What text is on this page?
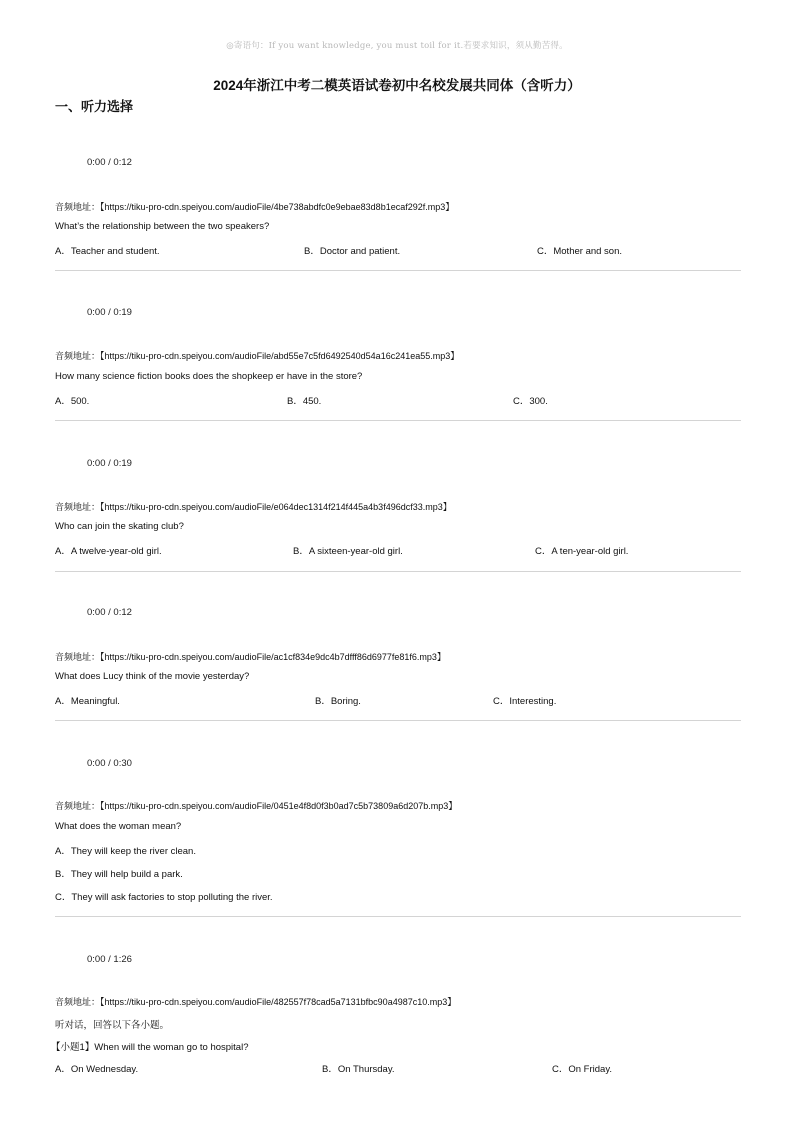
◎寄语句：If you want knowledge, you must toil for it.若要求知识，须从勤苦得。
2024年浙江中考二模英语试卷初中名校发展共同体（含听力）
一、听力选择
0:00 / 0:12
音频地址：【https://tiku-pro-cdn.speiyou.com/audioFile/4be738abdfc0e9ebae83d8b1ecaf292f.mp3】
What’s the relationship between the two speakers?
A．Teacher and student.	B．Doctor and patient.	C．Mother and son.
0:00 / 0:19
音频地址：【https://tiku-pro-cdn.speiyou.com/audioFile/abd55e7c5fd6492540d54a16c241ea55.mp3】
How many science fiction books does the shopkeep er have in the store?
A．500.	B．450.	C．300.
0:00 / 0:19
音频地址：【https://tiku-pro-cdn.speiyou.com/audioFile/e064dec1314f214f445a4b3f496dcf33.mp3】
Who can join the skating club?
A．A twelve-year-old girl.	B．A sixteen-year-old girl.	C．A ten-year-old girl.
0:00 / 0:12
音频地址：【https://tiku-pro-cdn.speiyou.com/audioFile/ac1cf834e9dc4b7dfff86d6977fe81f6.mp3】
What does Lucy think of the movie yesterday?
A．Meaningful.	B．Boring.	C．Interesting.
0:00 / 0:30
音频地址：【https://tiku-pro-cdn.speiyou.com/audioFile/0451e4f8d0f3b0ad7c5b73809a6d207b.mp3】
What does the woman mean?
A．They will keep the river clean.
B．They will help build a park.
C．They will ask factories to stop polluting the river.
0:00 / 1:26
音频地址：【https://tiku-pro-cdn.speiyou.com/audioFile/482557f78cad5a7131bfbc90a4987c10.mp3】
听对话，回答以下各小题。
【小题1】When will the woman go to hospital?
A．On Wednesday.	B．On Thursday.	C．On Friday.
